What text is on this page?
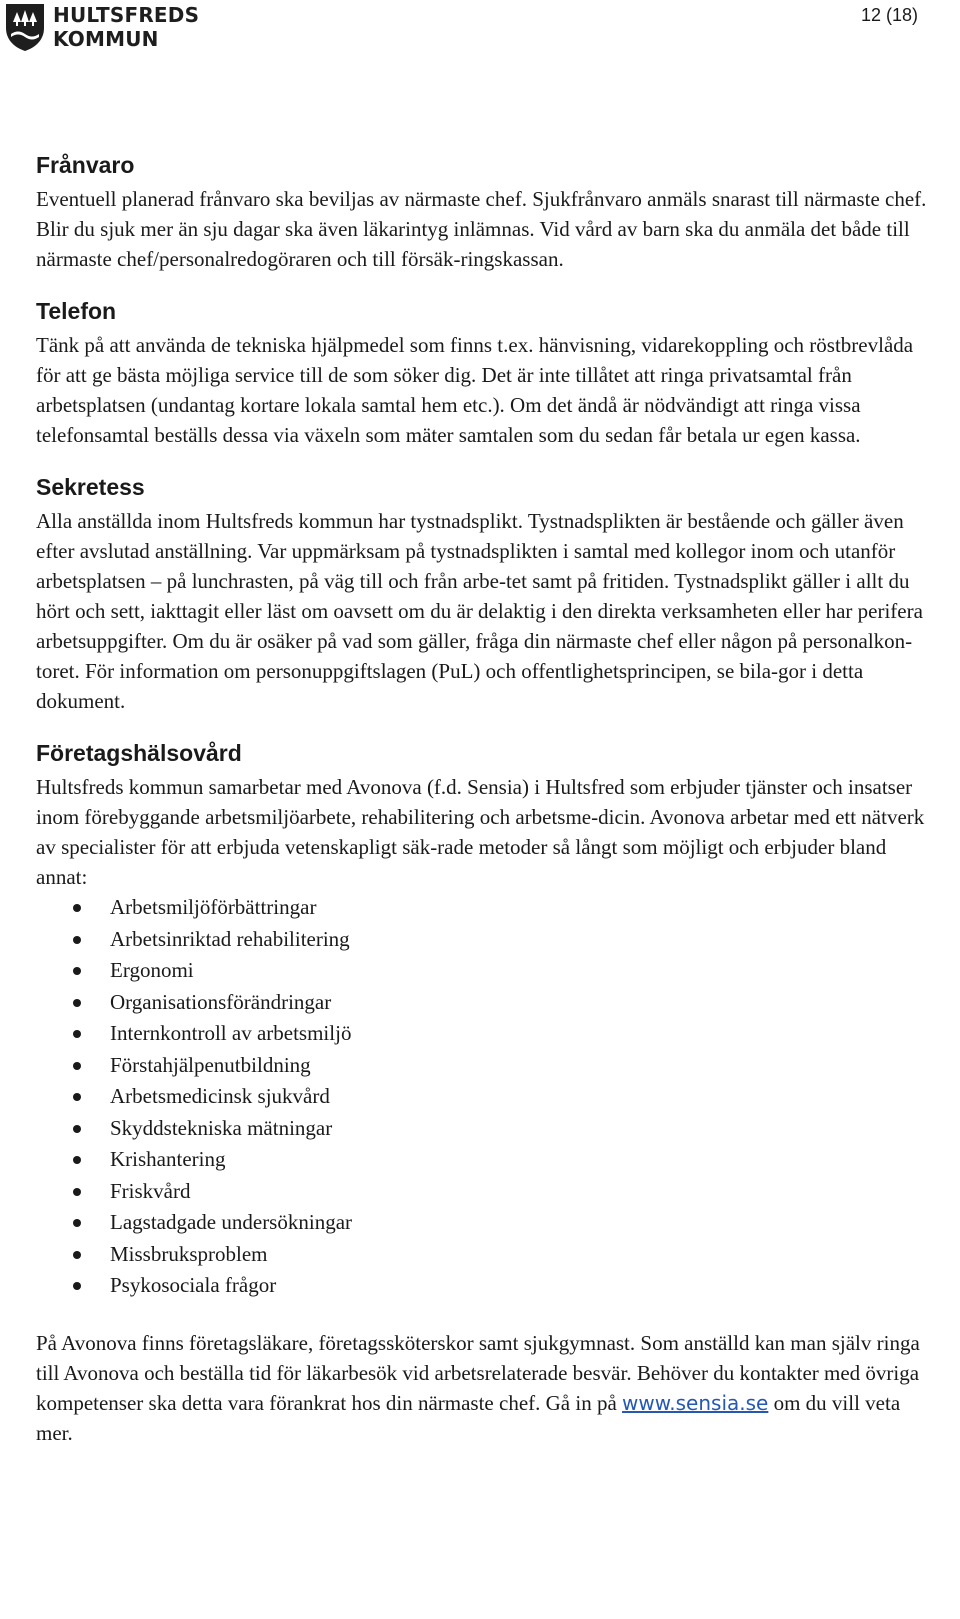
HULTSFREDS
KOMMUN
12 (18)
Frånvaro

Eventuell planerad frånvaro ska beviljas av närmaste chef. Sjukfrånvaro anmäls snarast till närmaste chef. Blir du sjuk mer än sju dagar ska även läkarintyg inlämnas. Vid vård av barn ska du anmäla det både till närmaste chef/personalredogöraren och till försäk-ringskassan.

Telefon

Tänk på att använda de tekniska hjälpmedel som finns t.ex. hänvisning, vidarekoppling och röstbrevlåda för att ge bästa möjliga service till de som söker dig. Det är inte tillåtet att ringa privatsamtal från arbetsplatsen (undantag kortare lokala samtal hem etc.). Om det ändå är nödvändigt att ringa vissa telefonsamtal beställs dessa via växeln som mäter samtalen som du sedan får betala ur egen kassa.

Sekretess

Alla anställda inom Hultsfreds kommun har tystnadsplikt. Tystnadsplikten är bestående och gäller även efter avslutad anställning. Var uppmärksam på tystnadsplikten i samtal med kollegor inom och utanför arbetsplatsen – på lunchrasten, på väg till och från arbe-tet samt på fritiden. Tystnadsplikt gäller i allt du hört och sett, iakttagit eller läst om oavsett om du är delaktig i den direkta verksamheten eller har perifera arbetsuppgifter. Om du är osäker på vad som gäller, fråga din närmaste chef eller någon på personalkon-toret. För information om personuppgiftslagen (PuL) och offentlighetsprincipen, se bila-gor i detta dokument.

Företagshälsovård

Hultsfreds kommun samarbetar med Avonova (f.d. Sensia) i Hultsfred som erbjuder tjänster och insatser inom förebyggande arbetsmiljöarbete, rehabilitering och arbetsme-dicin. Avonova arbetar med ett nätverk av specialister för att erbjuda vetenskapligt säk-rade metoder så långt som möjligt och erbjuder bland annat:

Arbetsmiljöförbättringar
Arbetsinriktad rehabilitering
Ergonomi
Organisationsförändringar
Internkontroll av arbetsmiljö
Förstahjälpenutbildning
Arbetsmedicinsk sjukvård
Skyddstekniska mätningar
Krishantering
Friskvård
Lagstadgade undersökningar
Missbruksproblem
Psykosociala frågor

På Avonova finns företagsläkare, företagssköterskor samt sjukgymnast. Som anställd kan man själv ringa till Avonova och beställa tid för läkarbesök vid arbetsrelaterade besvär. Behöver du kontakter med övriga kompetenser ska detta vara förankrat hos din närmaste chef. Gå in på www.sensia.se om du vill veta mer.
